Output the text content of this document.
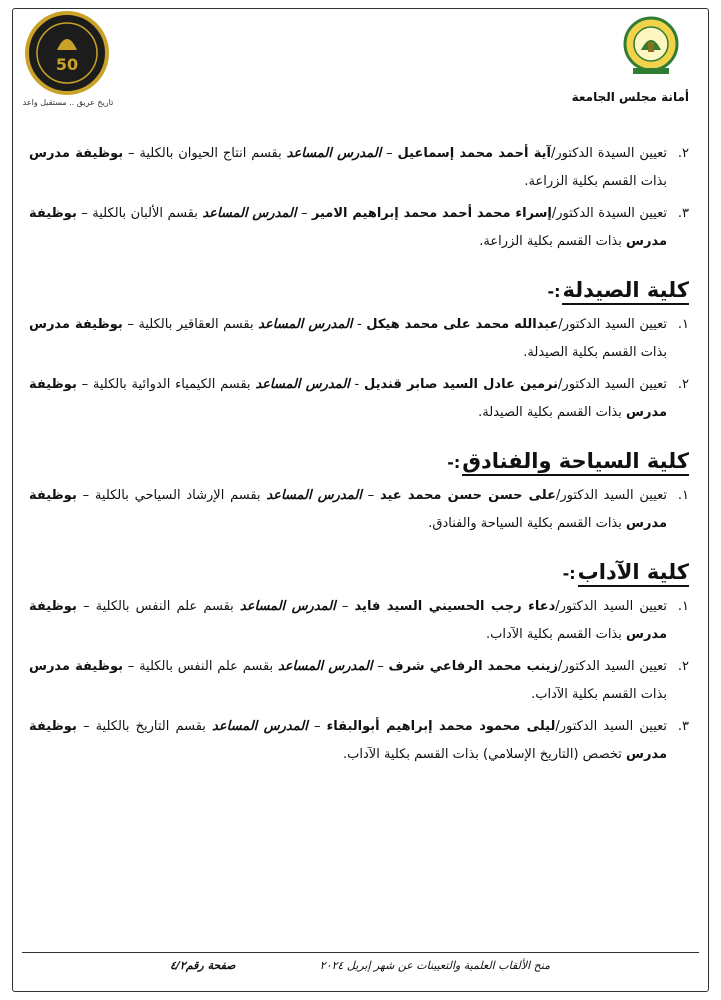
50
تاريخ عريق .. مستقبل واعد	أمانة مجلس الجامعة
٢.
تعيين السيدة الدكتور/آية أحمد محمد إسماعيل – المدرس المساعد بقسم انتاج الحيوان بالكلية – بوظيفة مدرس بذات القسم بكلية الزراعة.
٣.
تعيين السيدة الدكتور/إسراء محمد أحمد محمد إبراهيم الامير – المدرس المساعد بقسم الألبان بالكلية – بوظيفة مدرس بذات القسم بكلية الزراعة.
كلية الصيدلة
:-
١.
تعيين السيد الدكتور/عبدالله محمد على محمد هيكل - المدرس المساعد بقسم العقاقير بالكلية – بوظيفة مدرس بذات القسم بكلية الصيدلة.
٢.
تعيين السيد الدكتور/نرمين عادل السيد صابر قنديل - المدرس المساعد بقسم الكيمياء الدوائية بالكلية – بوظيفة مدرس بذات القسم بكلية الصيدلة.
كلية السياحة والفنادق
:-
١.
تعيين السيد الدكتور/على حسن حسن محمد عيد – المدرس المساعد بقسم الإرشاد السياحي بالكلية – بوظيفة مدرس بذات القسم بكلية السياحة والفنادق.
كلية الآداب
:-
١.
تعيين السيد الدكتور/دعاء رجب الحسيني السيد فايد – المدرس المساعد بقسم علم النفس بالكلية – بوظيفة مدرس بذات القسم بكلية الآداب.
٢.
تعيين السيد الدكتور/زينب محمد الرفاعي شرف – المدرس المساعد بقسم علم النفس بالكلية – بوظيفة مدرس بذات القسم بكلية الآداب.
٣.
تعيين السيد الدكتور/ليلى محمود محمد إبراهيم أبوالبقاء – المدرس المساعد بقسم التاريخ بالكلية – بوظيفة مدرس تخصص (التاريخ الإسلامي) بذات القسم بكلية الآداب.
منح الألقاب العلمية والتعيينات عن شهر إبريل ٢٠٢٤
صفحة رقم٤/٢
